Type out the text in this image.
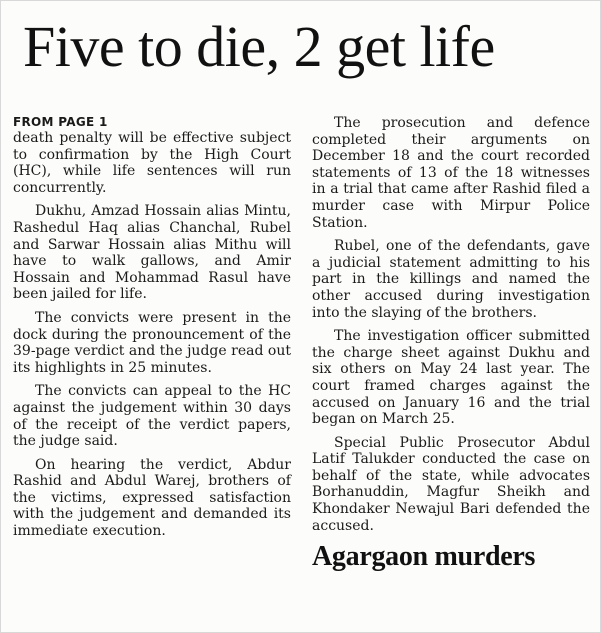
Five to die, 2 get life

FROM PAGE 1

death penalty will be effective subject to confirmation by the High Court (HC), while life sentences will run concurrently.

Dukhu, Amzad Hossain alias Mintu, Rashedul Haq alias Chanchal, Rubel and Sarwar Hossain alias Mithu will have to walk gallows, and Amir Hossain and Mohammad Rasul have been jailed for life.

The convicts were present in the dock during the pronouncement of the 39-page verdict and the judge read out its highlights in 25 minutes.

The convicts can appeal to the HC against the judgement within 30 days of the receipt of the verdict papers, the judge said.

On hearing the verdict, Abdur Rashid and Abdul Warej, brothers of the victims, expressed satisfaction with the judgement and demanded its immediate execution.

The prosecution and defence completed their arguments on December 18 and the court recorded statements of 13 of the 18 witnesses in a trial that came after Rashid filed a murder case with Mirpur Police Station.

Rubel, one of the defendants, gave a judicial statement admitting to his part in the killings and named the other accused during investigation into the slaying of the brothers.

The investigation officer submitted the charge sheet against Dukhu and six others on May 24 last year. The court framed charges against the accused on January 16 and the trial began on March 25.

Special Public Prosecutor Abdul Latif Talukder conducted the case on behalf of the state, while advocates Borhanuddin, Magfur Sheikh and Khondaker Newajul Bari defended the accused.

Agargaon murders
